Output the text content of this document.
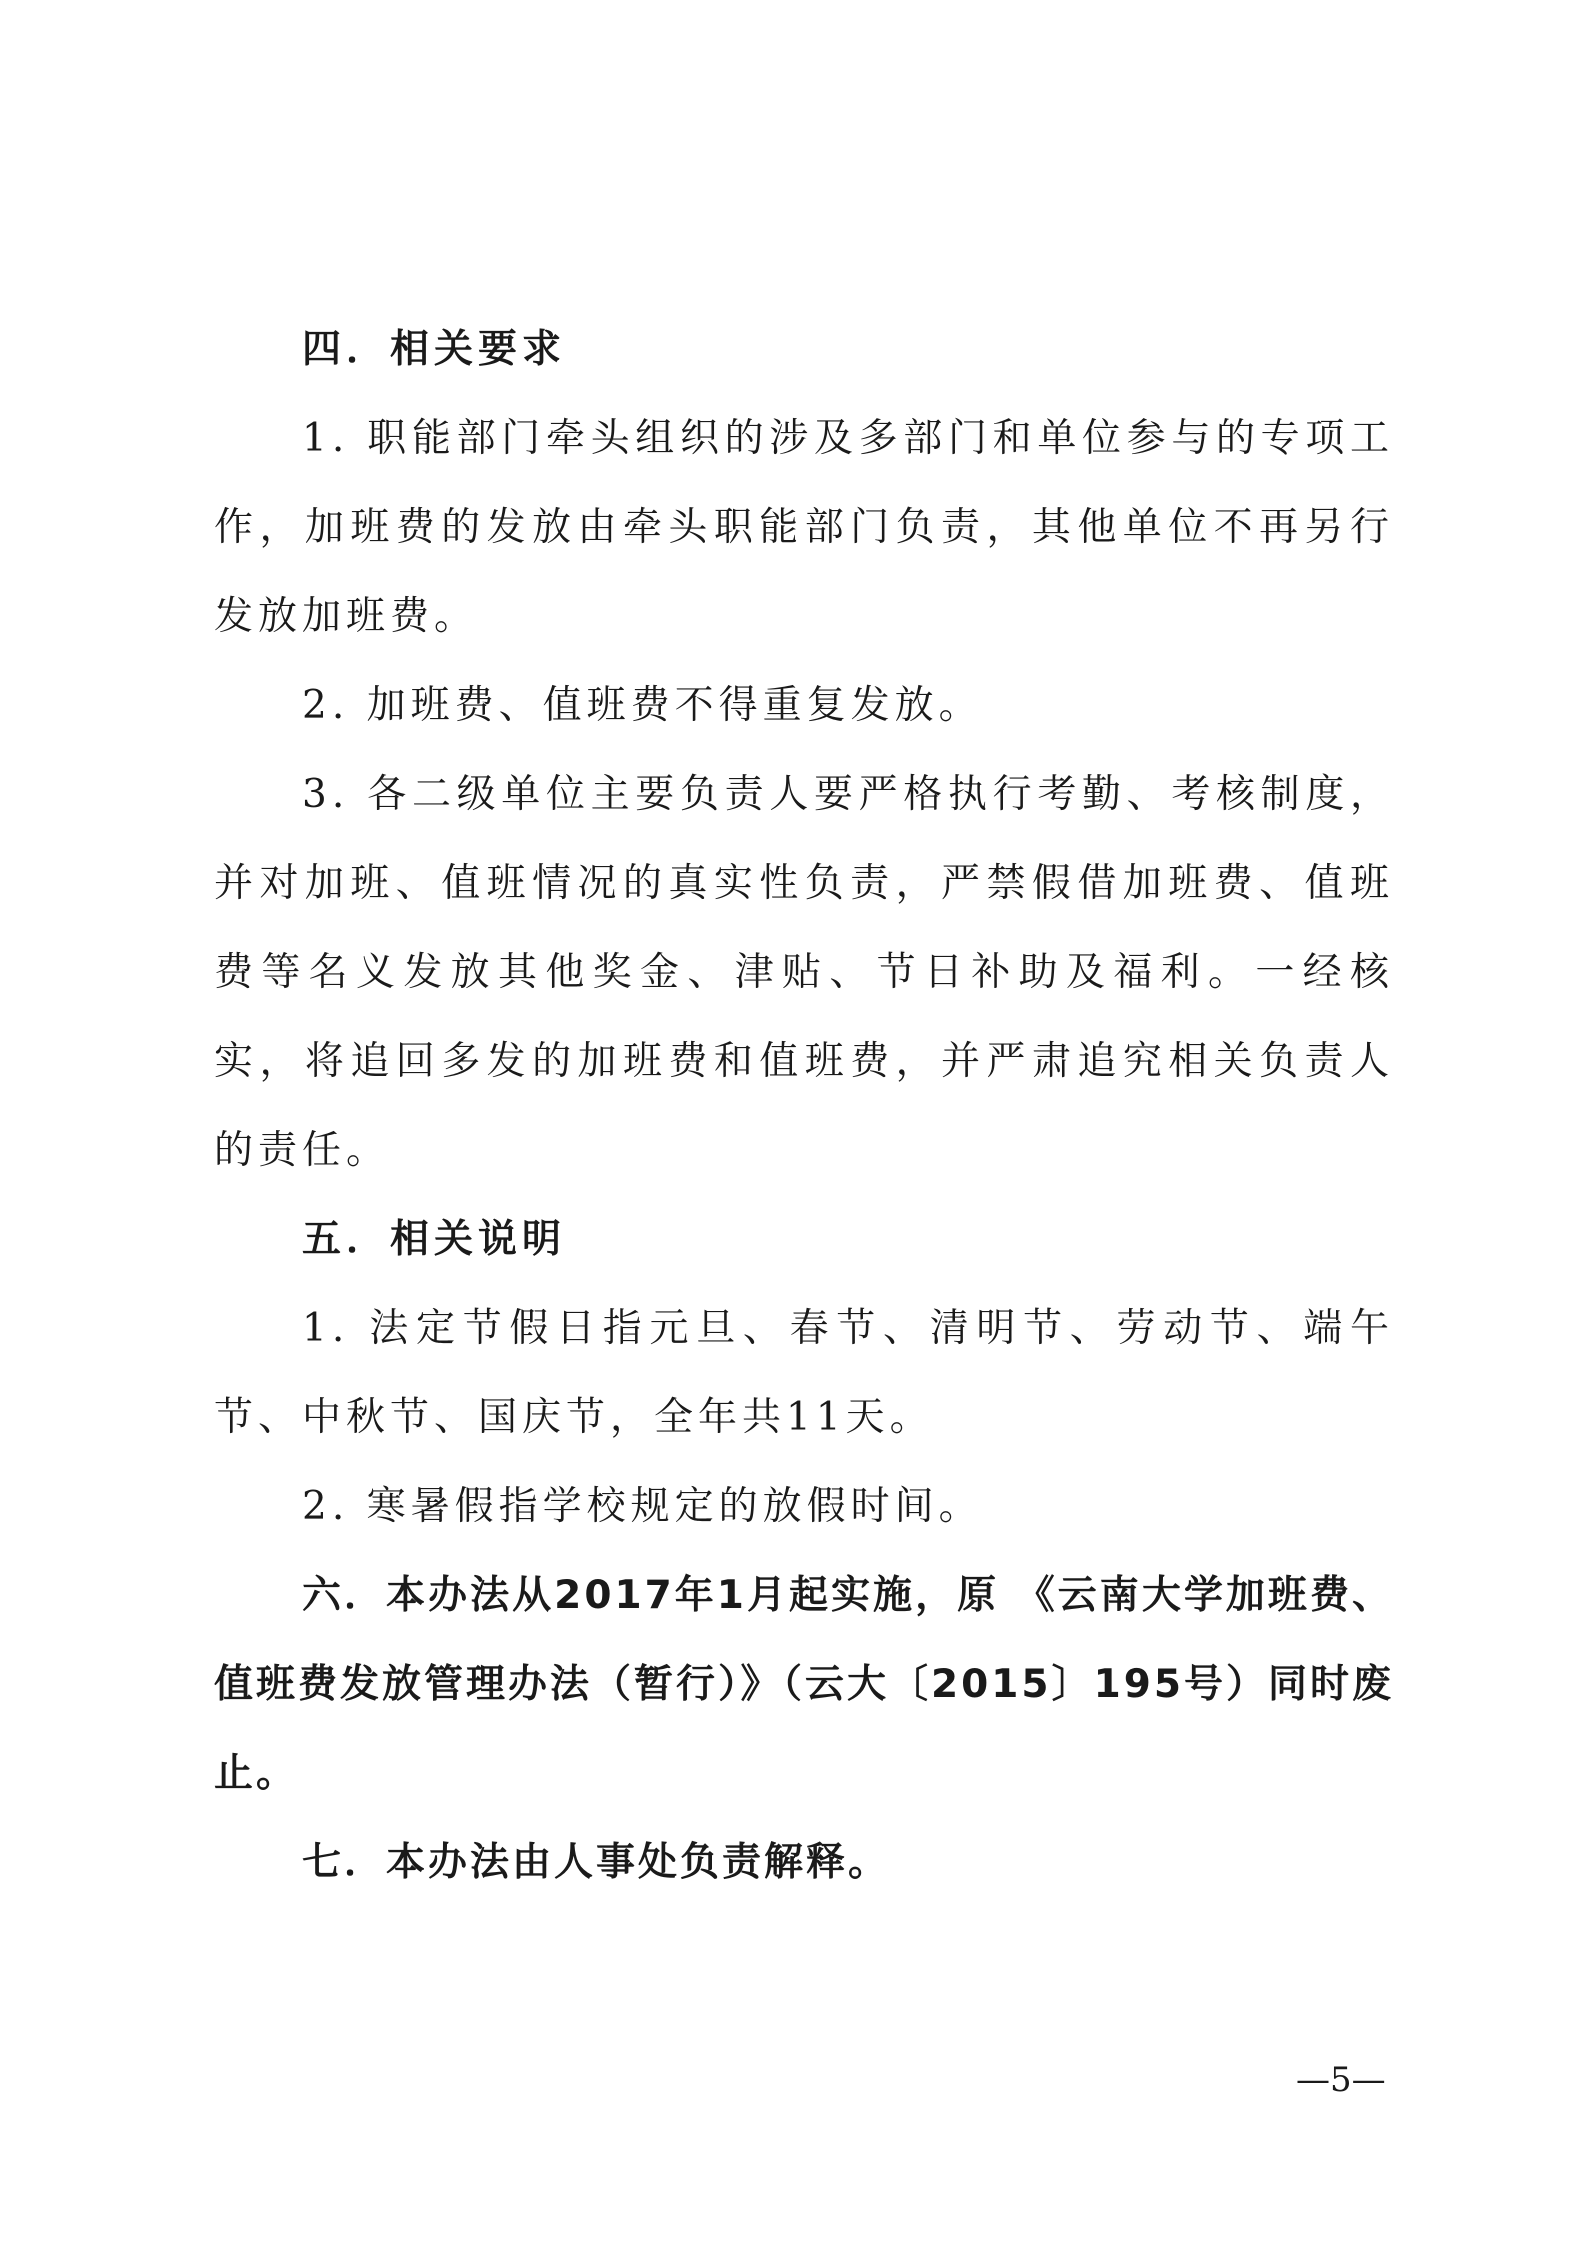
四．相关要求

1. 职能部门牵头组织的涉及多部门和单位参与的专项工作，加班费的发放由牵头职能部门负责，其他单位不再另行发放加班费。

2. 加班费、值班费不得重复发放。

3. 各二级单位主要负责人要严格执行考勤、考核制度，并对加班、值班情况的真实性负责，严禁假借加班费、值班费等名义发放其他奖金、津贴、节日补助及福利。一经核实，将追回多发的加班费和值班费，并严肃追究相关负责人的责任。

五．相关说明

1. 法定节假日指元旦、春节、清明节、劳动节、端午节、中秋节、国庆节，全年共11天。

2. 寒暑假指学校规定的放假时间。

六．本办法从2017年1月起实施，原 《云南大学加班费、值班费发放管理办法（暂行）》（云大〔2015〕195号）同时废止。

七．本办法由人事处负责解释。

—5—
